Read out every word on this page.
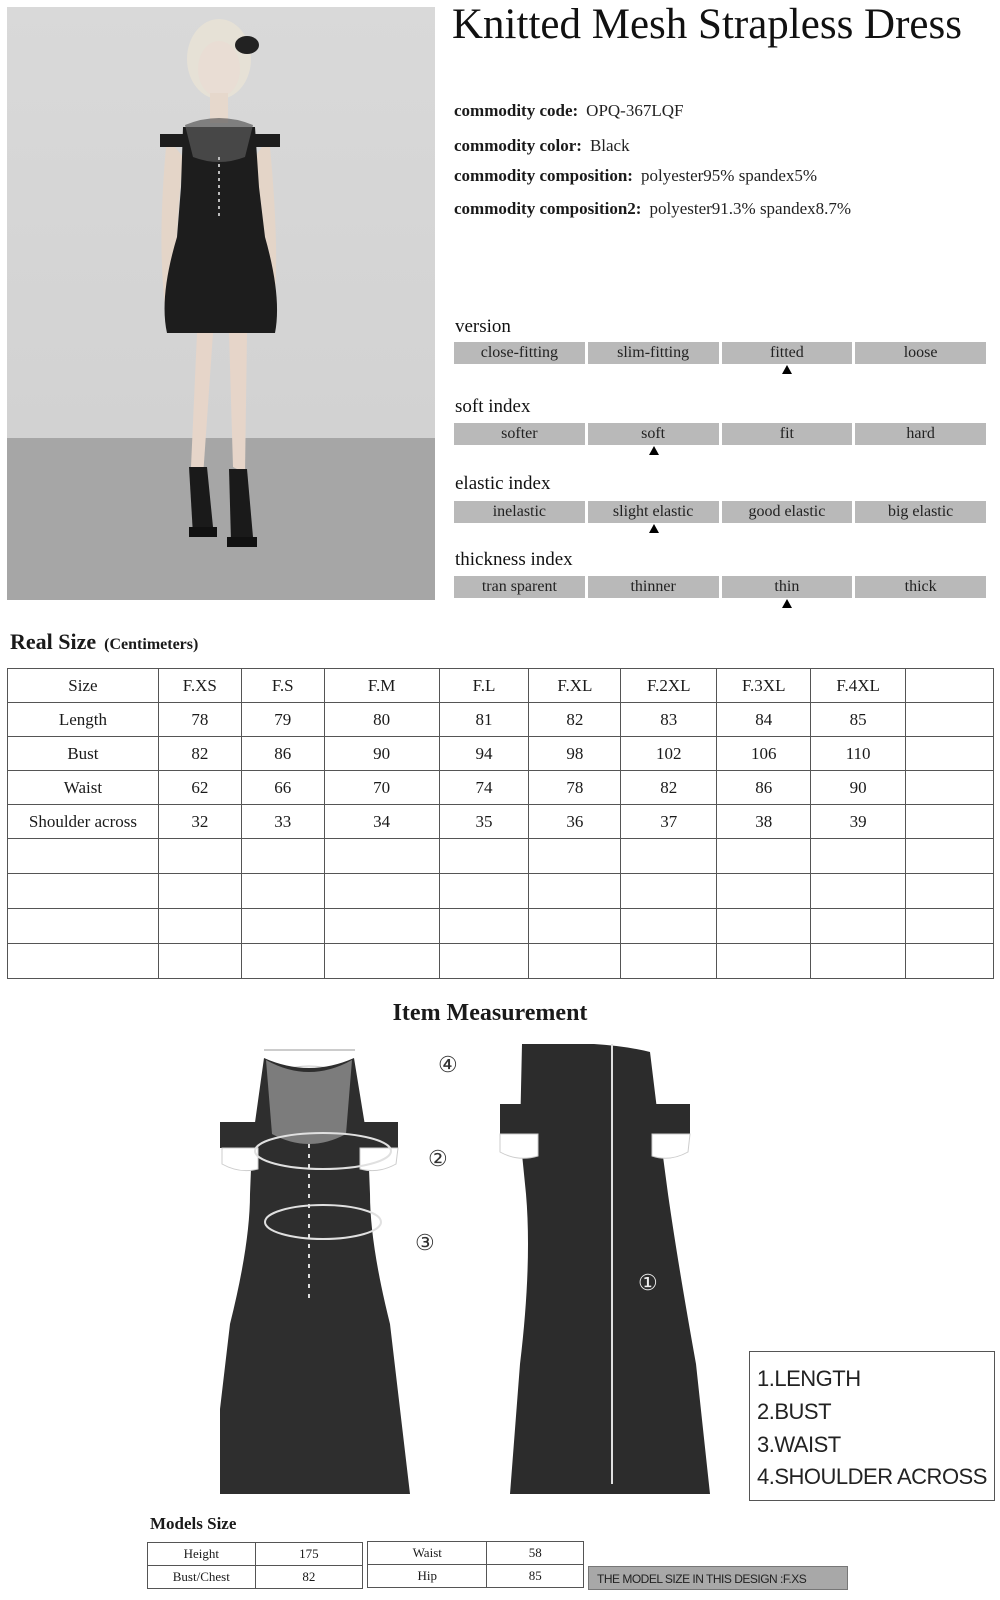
Knitted Mesh Strapless Dress
commodity code: OPQ-367LQF
commodity color: Black
commodity composition: polyester95% spandex5%
commodity composition2: polyester91.3% spandex8.7%
version
close-fitting	slim-fitting	fitted	loose
soft index
softer	soft	fit	hard
elastic index
inelastic	slight elastic	good elastic	big elastic
thickness index
tran sparent	thinner	thin	thick
Real Size (Centimeters)
Size	F.XS	F.S	F.M	F.L	F.XL	F.2XL	F.3XL	F.4XL	
Length	78	79	80	81	82	83	84	85	
Bust	82	86	90	94	98	102	106	110	
Waist	62	66	70	74	78	82	86	90	
Shoulder across	32	33	34	35	36	37	38	39	

Item Measurement
④
②
③
①
1.LENGTH
2.BUST
3.WAIST
4.SHOULDER ACROSS
Models Size
Height	175
Bust/Chest	82
Waist	58
Hip	85	THE MODEL SIZE IN THIS DESIGN :F.XS
